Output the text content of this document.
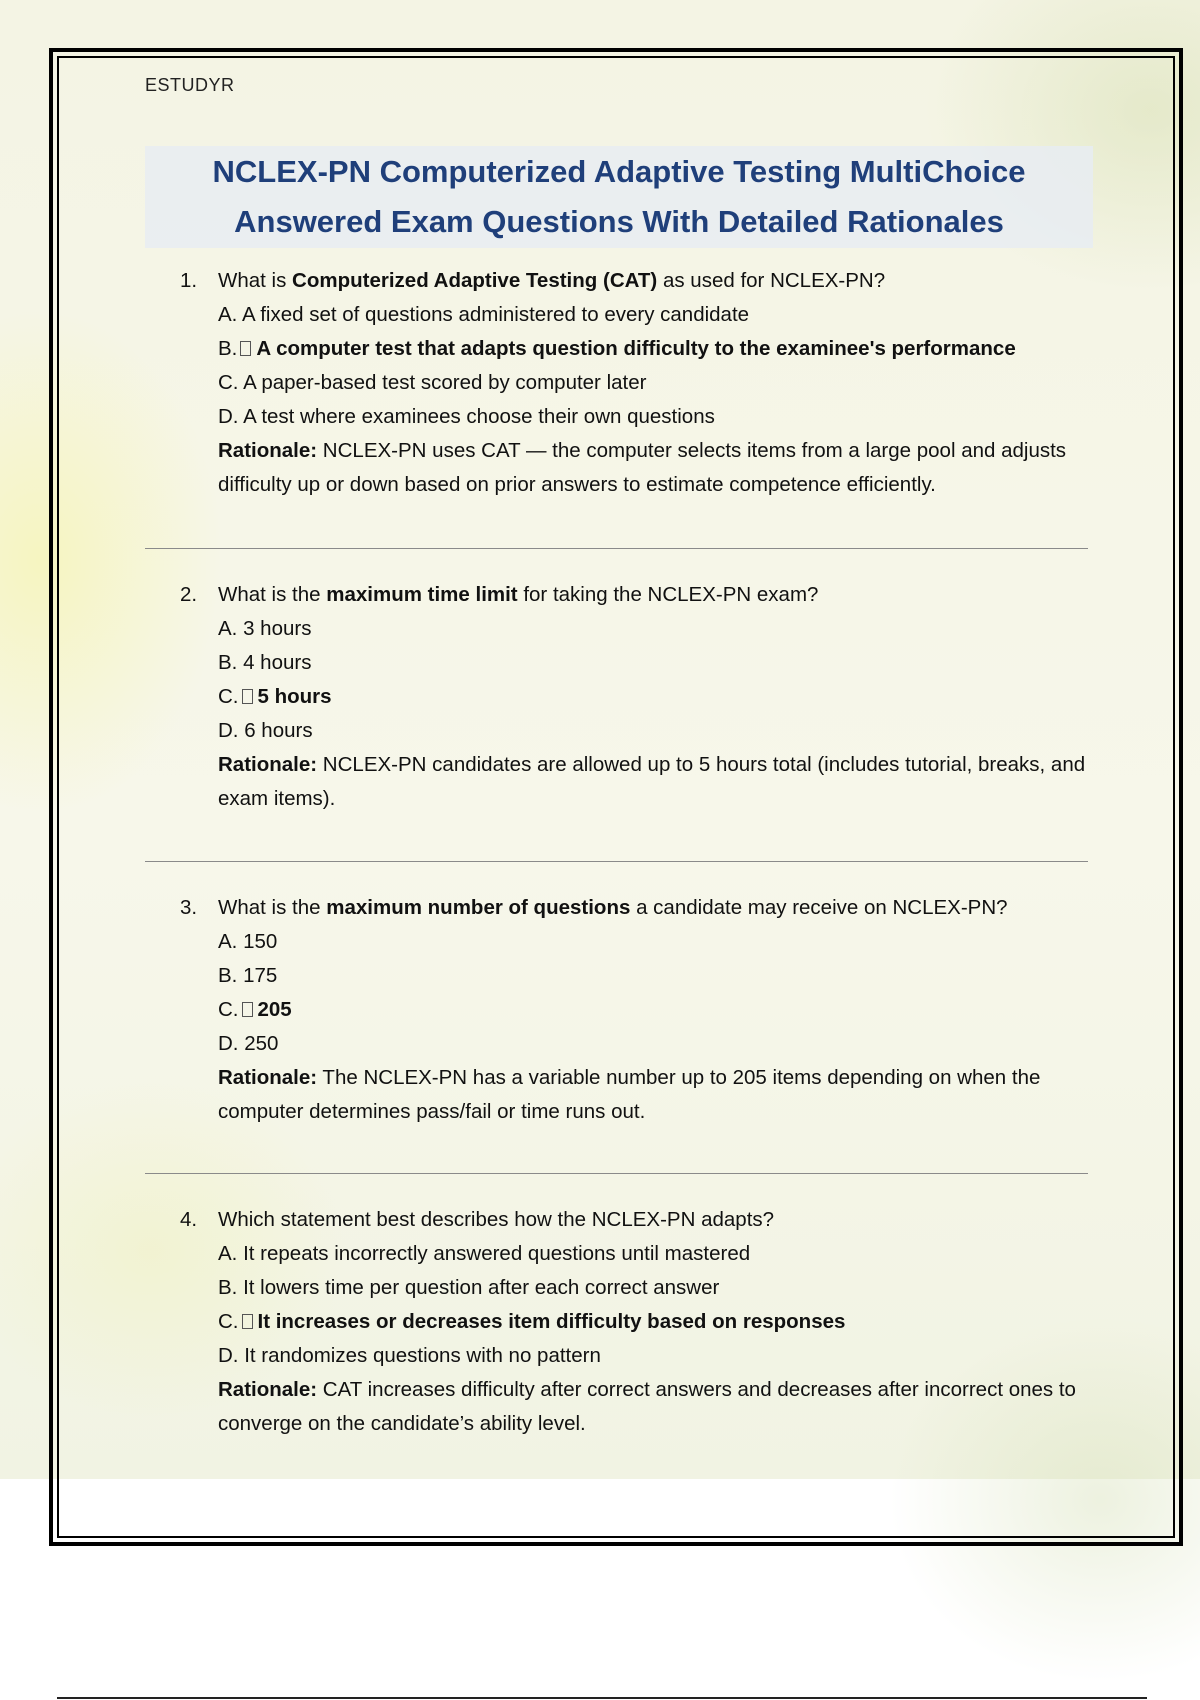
ESTUDYR
NCLEX-PN Computerized Adaptive Testing MultiChoice
Answered Exam Questions With Detailed Rationales
1.	What is Computerized Adaptive Testing (CAT) as used for NCLEX-PN?
A. A fixed set of questions administered to every candidate
B. A computer test that adapts question difficulty to the examinee's performance
C. A paper-based test scored by computer later
D. A test where examinees choose their own questions
Rationale: NCLEX-PN uses CAT — the computer selects items from a large pool and adjusts difficulty up or down based on prior answers to estimate competence efficiently.
2.	What is the maximum time limit for taking the NCLEX-PN exam?
A. 3 hours
B. 4 hours
C. 5 hours
D. 6 hours
Rationale: NCLEX-PN candidates are allowed up to 5 hours total (includes tutorial, breaks, and exam items).
3.	What is the maximum number of questions a candidate may receive on NCLEX-PN?
A. 150
B. 175
C. 205
D. 250
Rationale: The NCLEX-PN has a variable number up to 205 items depending on when the computer determines pass/fail or time runs out.
4.	Which statement best describes how the NCLEX-PN adapts?
A. It repeats incorrectly answered questions until mastered
B. It lowers time per question after each correct answer
C. It increases or decreases item difficulty based on responses
D. It randomizes questions with no pattern
Rationale: CAT increases difficulty after correct answers and decreases after incorrect ones to converge on the candidate’s ability level.
